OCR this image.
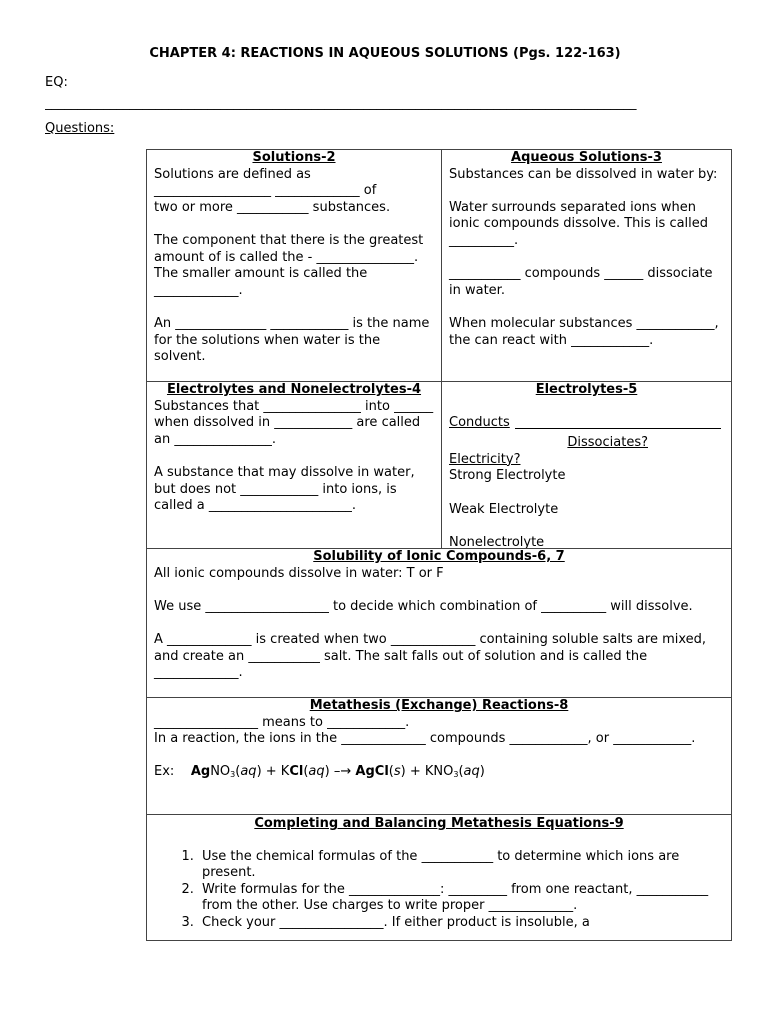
CHAPTER 4: REACTIONS IN AQUEOUS SOLUTIONS (Pgs. 122-163)
EQ:
___________________________________________________________________________________________
Questions:
Solutions-2

Solutions are defined as

__________________ _____________ of

two or more ___________ substances.

The component that there is the greatest amount of is called the - _______________. The smaller amount is called the _____________.

An ______________ ____________ is the name for the solutions when water is the solvent.

Aqueous Solutions-3

Substances can be dissolved in water by:

Water surrounds separated ions when ionic compounds dissolve. This is called __________.

___________ compounds ______ dissociate in water.

When molecular substances ____________, the can react with ____________.

Electrolytes and Nonelectrolytes-4

Substances that _______________ into ______ when dissolved in ____________ are called an _______________.

A substance that may dissolve in water, but does not ____________ into ions, is called a ______________________.

Electrolytes-5
Conducts
Dissociates?

Electricity?

Strong Electrolyte

Weak Electrolyte

Nonelectrolyte

Solubility of Ionic Compounds-6, 7

All ionic compounds dissolve in water: T or F

We use ___________________ to decide which combination of __________ will dissolve.

A _____________ is created when two _____________ containing soluble salts are mixed, and create an ___________ salt. The salt falls out of solution and is called the _____________.

Metathesis (Exchange) Reactions-8

________________ means to ____________.

In a reaction, the ions in the _____________ compounds ____________, or ____________.

Ex: AgNO$_3$(aq) + KCl(aq) –→ AgCl(s) + $KNO_3(aq)$

Completing and Balancing Metathesis Equations-9
1. Use the chemical formulas of the ___________ to determine which ions are present.
2. Write formulas for the ______________: _________ from one reactant, ___________ from the other. Use charges to write proper _____________.
3. Check your ________________. If either product is insoluble, a
